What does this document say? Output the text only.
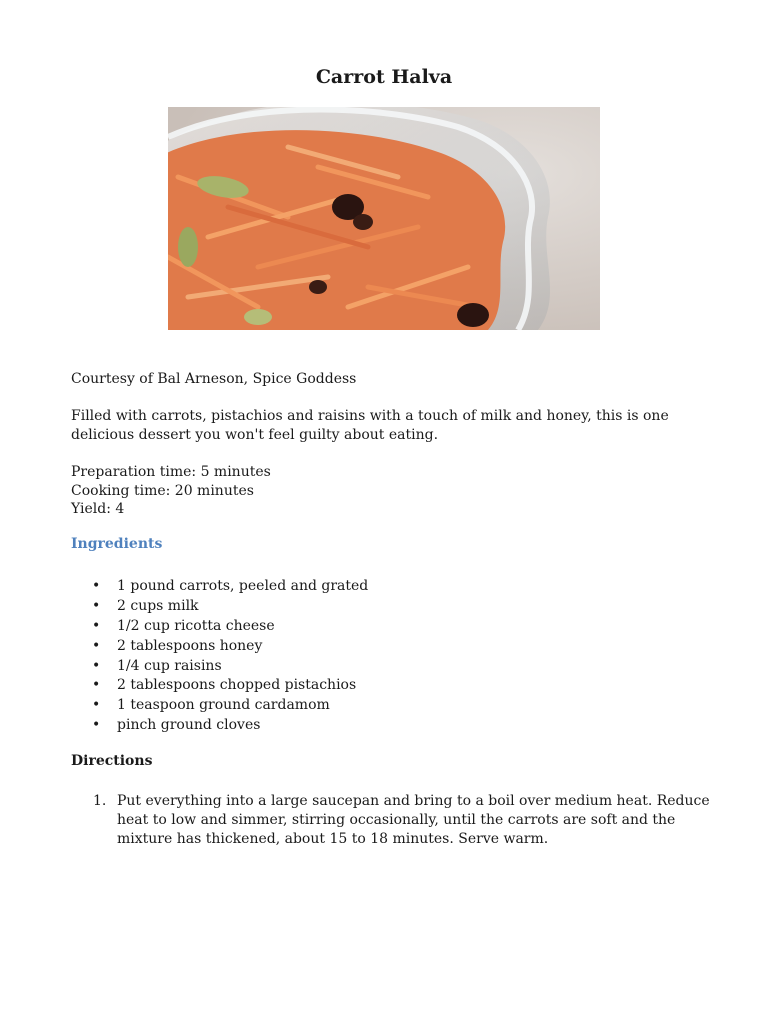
Carrot Halva

Courtesy of Bal Arneson, Spice Goddess

Filled with carrots, pistachios and raisins with a touch of milk and honey, this is one delicious dessert you won't feel guilty about eating.

Preparation time: 5 minutes
Cooking time: 20 minutes
Yield: 4
Ingredients
• 1 pound carrots, peeled and grated
• 2 cups milk
• 1/2 cup ricotta cheese
• 2 tablespoons honey
• 1/4 cup raisins
• 2 tablespoons chopped pistachios
• 1 teaspoon ground cardamom
• pinch ground cloves
Directions
1. Put everything into a large saucepan and bring to a boil over medium heat. Reduce heat to low and simmer, stirring occasionally, until the carrots are soft and the mixture has thickened, about 15 to 18 minutes. Serve warm.
